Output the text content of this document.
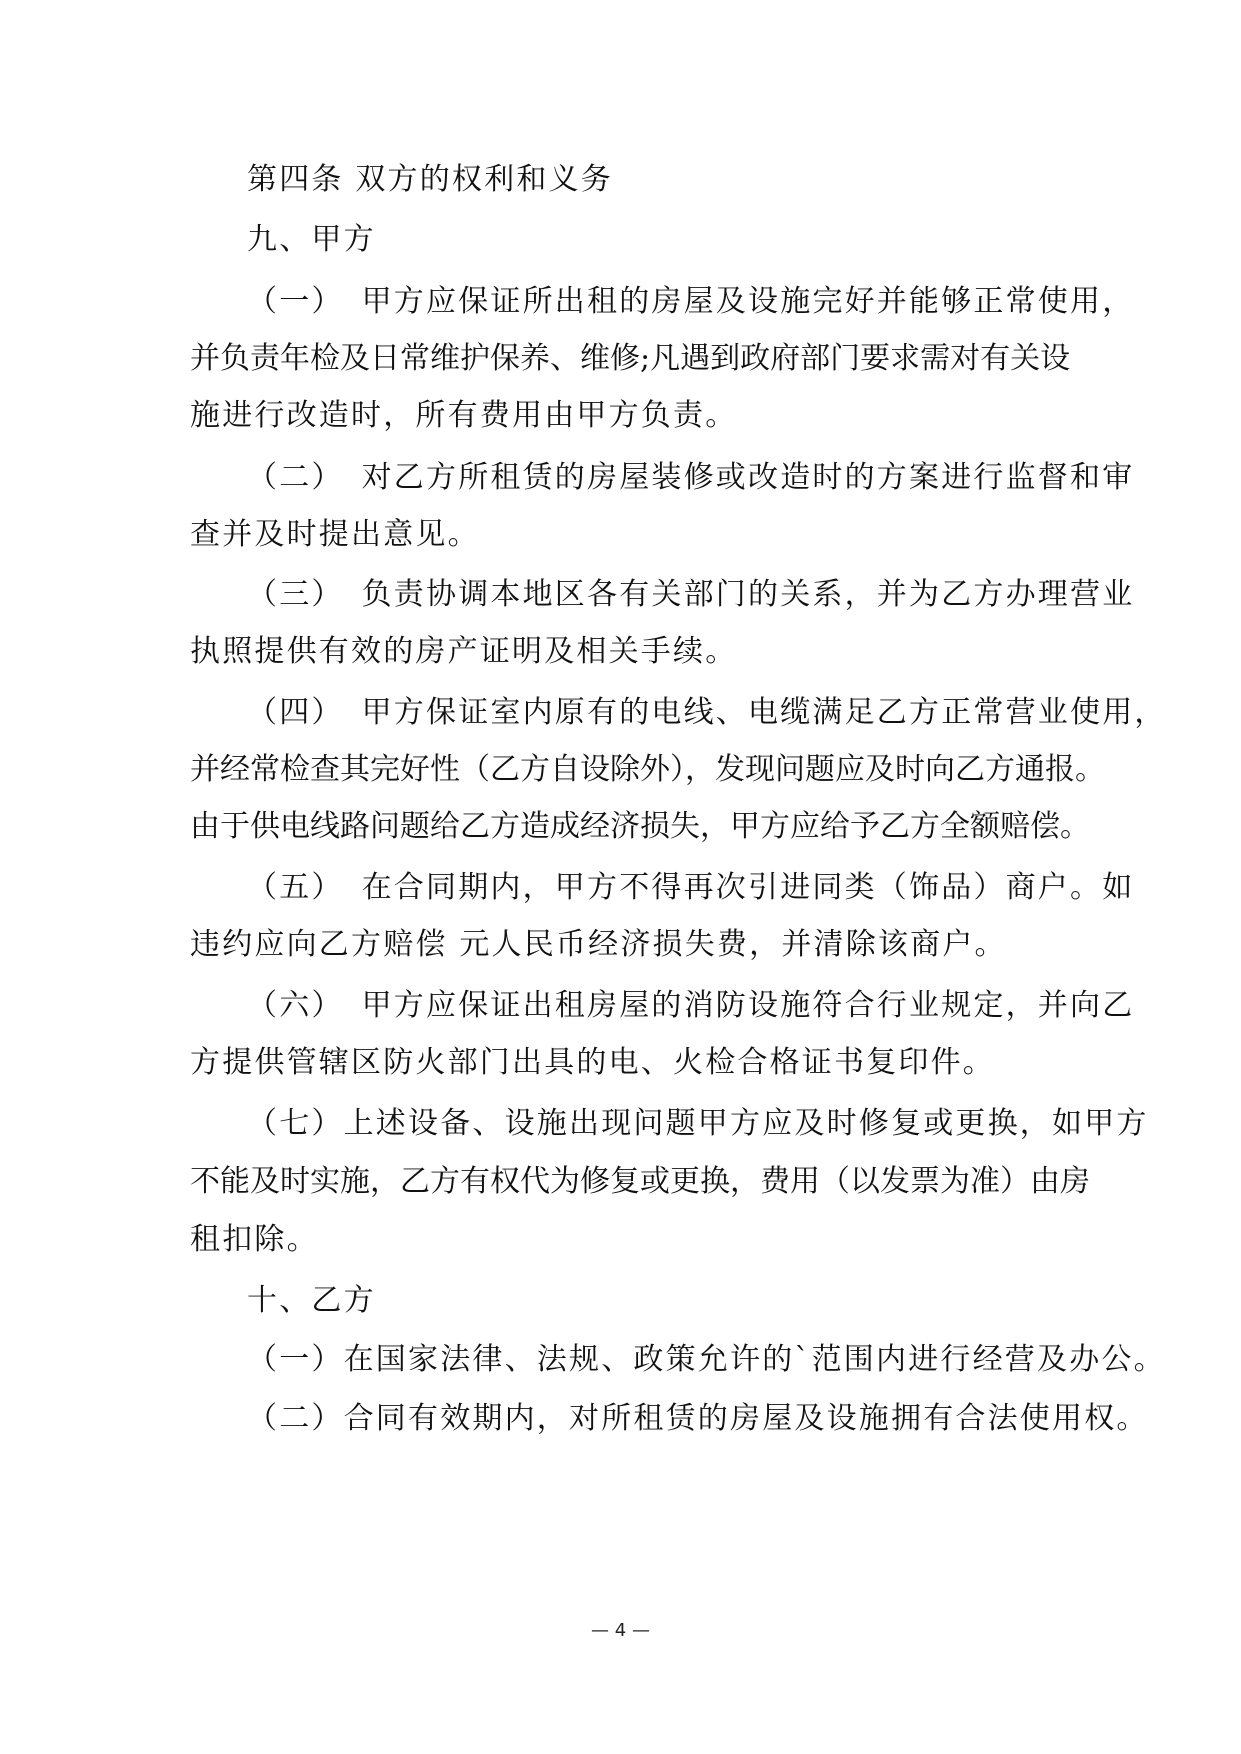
第四条 双方的权利和义务
九、甲方
（一） 甲方应保证所出租的房屋及设施完好并能够正常使用，
并负责年检及日常维护保养、维修;凡遇到政府部门要求需对有关设
施进行改造时，所有费用由甲方负责。
（二） 对乙方所租赁的房屋装修或改造时的方案进行监督和审
查并及时提出意见。
（三） 负责协调本地区各有关部门的关系，并为乙方办理营业
执照提供有效的房产证明及相关手续。
（四） 甲方保证室内原有的电线、电缆满足乙方正常营业使用，
并经常检查其完好性（乙方自设除外），发现问题应及时向乙方通报。
由于供电线路问题给乙方造成经济损失，甲方应给予乙方全额赔偿。
（五） 在合同期内，甲方不得再次引进同类（饰品）商户。如
违约应向乙方赔偿 元人民币经济损失费，并清除该商户。
（六） 甲方应保证出租房屋的消防设施符合行业规定，并向乙
方提供管辖区防火部门出具的电、火检合格证书复印件。
（七）上述设备、设施出现问题甲方应及时修复或更换，如甲方
不能及时实施，乙方有权代为修复或更换，费用（以发票为准）由房
租扣除。
十、乙方
（一）在国家法律、法规、政策允许的`范围内进行经营及办公。
（二）合同有效期内，对所租赁的房屋及设施拥有合法使用权。
— 4 —
